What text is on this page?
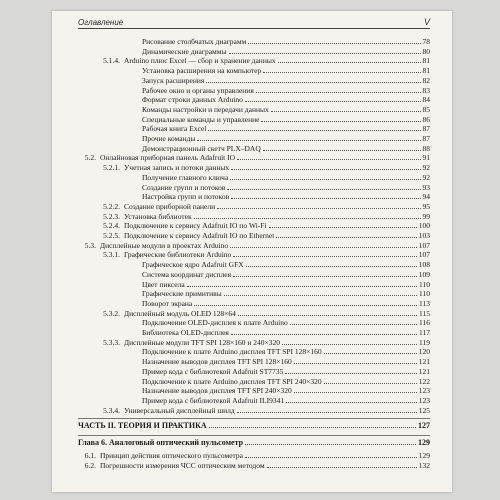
Оглавление	V
Рисование столбчатых диаграмм	78
Динамические диаграммы	80
5.1.4. Arduino плюс Excel — сбор и хранение данных	81
Установка расширения на компьютер	81
Запуск расширения	82
Рабочее окно и органы управления	83
Формат строки данных Arduino	84
Команды настройки и передачи данных	85
Специальные команды и управление	86
Рабочая книга Excel	87
Прочие команды	87
Демонстрационный скетч PLX–DAQ	88
5.2. Онлайновая приборная панель Adafruit IO	91
5.2.1. Учетная запись и потоки данных	92
Получение главного ключа	92
Создание групп и потоков	93
Настройка групп и потоков	94
5.2.2. Создание приборной панели	95
5.2.3. Установка библиотек	99
5.2.4. Подключение к сервису Adafruit IO по Wi-Fi	100
5.2.5. Подключение к сервису Adafruit IO по Ethernet	103
5.3. Дисплейные модули в проектах Arduino	107
5.3.1. Графические библиотеки Arduino	107
Графическое ядро Adafruit GFX	108
Система координат дисплея	109
Цвет пиксела	110
Графические примитивы	110
Поворот экрана	113
5.3.2. Дисплейный модуль OLED 128×64	115
Подключение OLED-дисплея к плате Arduino	116
Библиотека OLED-дисплея	117
5.3.3. Дисплейные модули TFT SPI 128×160 и 240×320	119
Подключение к плате Arduino дисплея TFT SPI 128×160	120
Назначение выводов дисплея TFT SPI 128×160	121
Пример кода с библиотекой Adafruit ST7735	121
Подключение к плате Arduino дисплея TFT SPI 240×320	122
Назначение выводов дисплея TFT SPI 240×320	123
Пример кода с библиотекой Adafruit ILI9341	123
5.3.4. Универсальный дисплейный шилд	125
ЧАСТЬ II. ТЕОРИЯ И ПРАКТИКА	127
Глава 6. Аналоговый оптический пульсометр	129
6.1. Принцип действия оптического пульсометра	129
6.2. Погрешности измерения ЧСС оптическим методом	132
